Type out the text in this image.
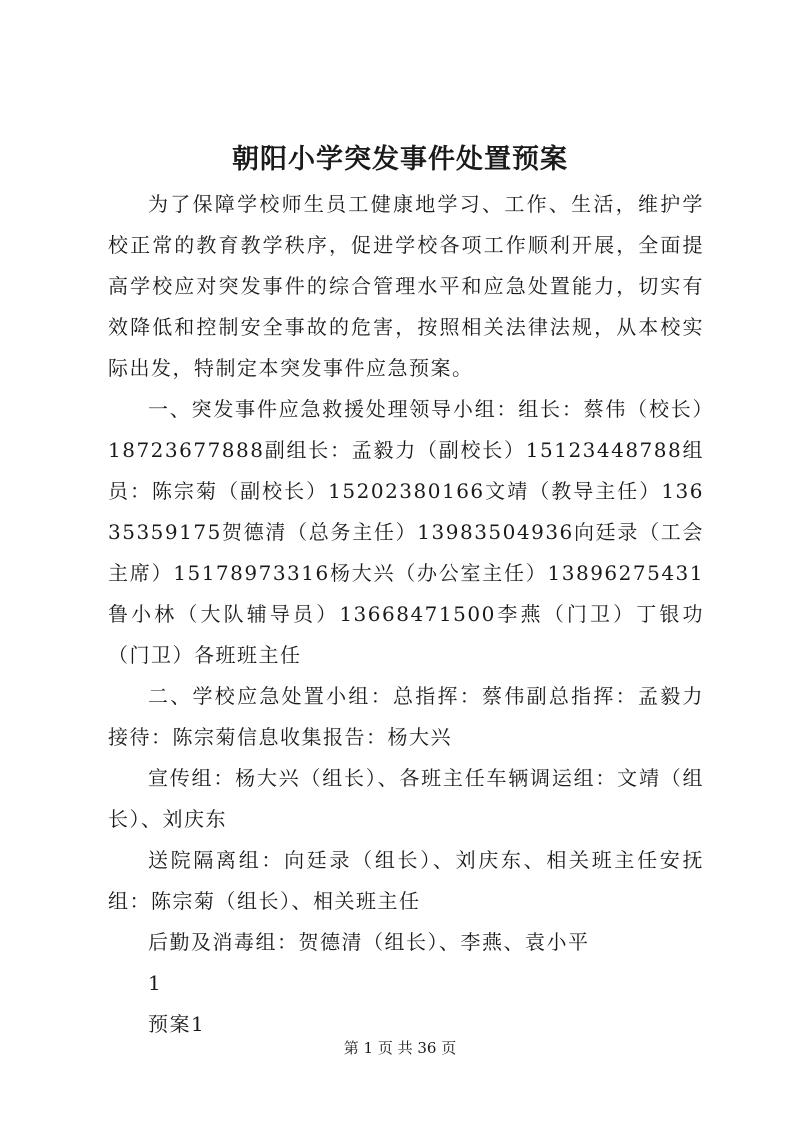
朝阳小学突发事件处置预案

为了保障学校师生员工健康地学习、工作、生活，维护学校正常的教育教学秩序，促进学校各项工作顺利开展，全面提高学校应对突发事件的综合管理水平和应急处置能力，切实有效降低和控制安全事故的危害，按照相关法律法规，从本校实际出发，特制定本突发事件应急预案。

一、突发事件应急救援处理领导小组：组长：蔡伟（校长）18723677888副组长：孟毅力（副校长）15123448788组员：陈宗菊（副校长）15202380166文靖（教导主任）13635359175贺德清（总务主任）13983504936向廷录（工会主席）15178973316杨大兴（办公室主任）13896275431鲁小林（大队辅导员）13668471500李燕（门卫）丁银功（门卫）各班班主任

二、学校应急处置小组：总指挥：蔡伟副总指挥：孟毅力接待：陈宗菊信息收集报告：杨大兴

宣传组：杨大兴（组长）、各班主任车辆调运组：文靖（组长）、刘庆东

送院隔离组：向廷录（组长）、刘庆东、相关班主任安抚组：陈宗菊（组长）、相关班主任

后勤及消毒组：贺德清（组长）、李燕、袁小平

1

预案1

第 1 页 共 36 页
